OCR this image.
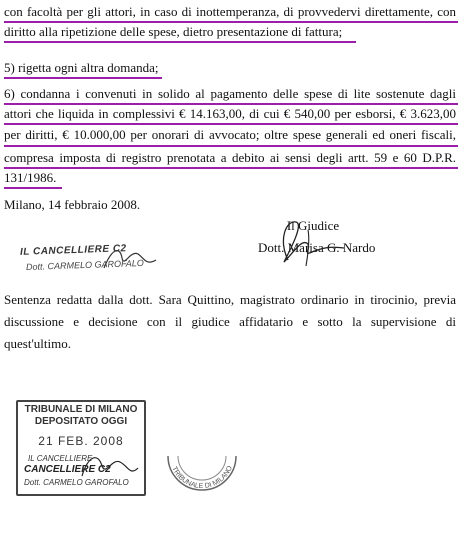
con facoltà per gli attori, in caso di inottemperanza, di provvedervi direttamente, con
diritto alla ripetizione delle spese, dietro presentazione di fattura;
5) rigetta ogni altra domanda;
6) condanna i convenuti in solido al pagamento delle spese di lite sostenute dagli
attori che liquida in complessivi € 14.163,00, di cui € 540,00 per esborsi, € 3.623,00
per diritti, € 10.000,00 per onorari di avvocato; oltre spese generali ed oneri fiscali,
compresa imposta di registro prenotata a debito ai sensi degli artt. 59 e 60 D.P.R.
131/1986.
Milano, 14 febbraio 2008.
Il Giudice
Dott. Marisa G. Nardo
IL CANCELLIERE C2
Dott. CARMELO GAROFALO
Sentenza redatta dalla dott. Sara Quittino, magistrato ordinario in tirocinio, previa
discussione e decisione con il giudice affidatario e sotto la supervisione di
quest'ultimo.
TRIBUNALE DI MILANO
DEPOSITATO OGGI
21 FEB. 2008
IL CANCELLIERE
CANCELLIERE C2
Dott. CARMELO GAROFALO
TRIBUNALE DI MILANO
